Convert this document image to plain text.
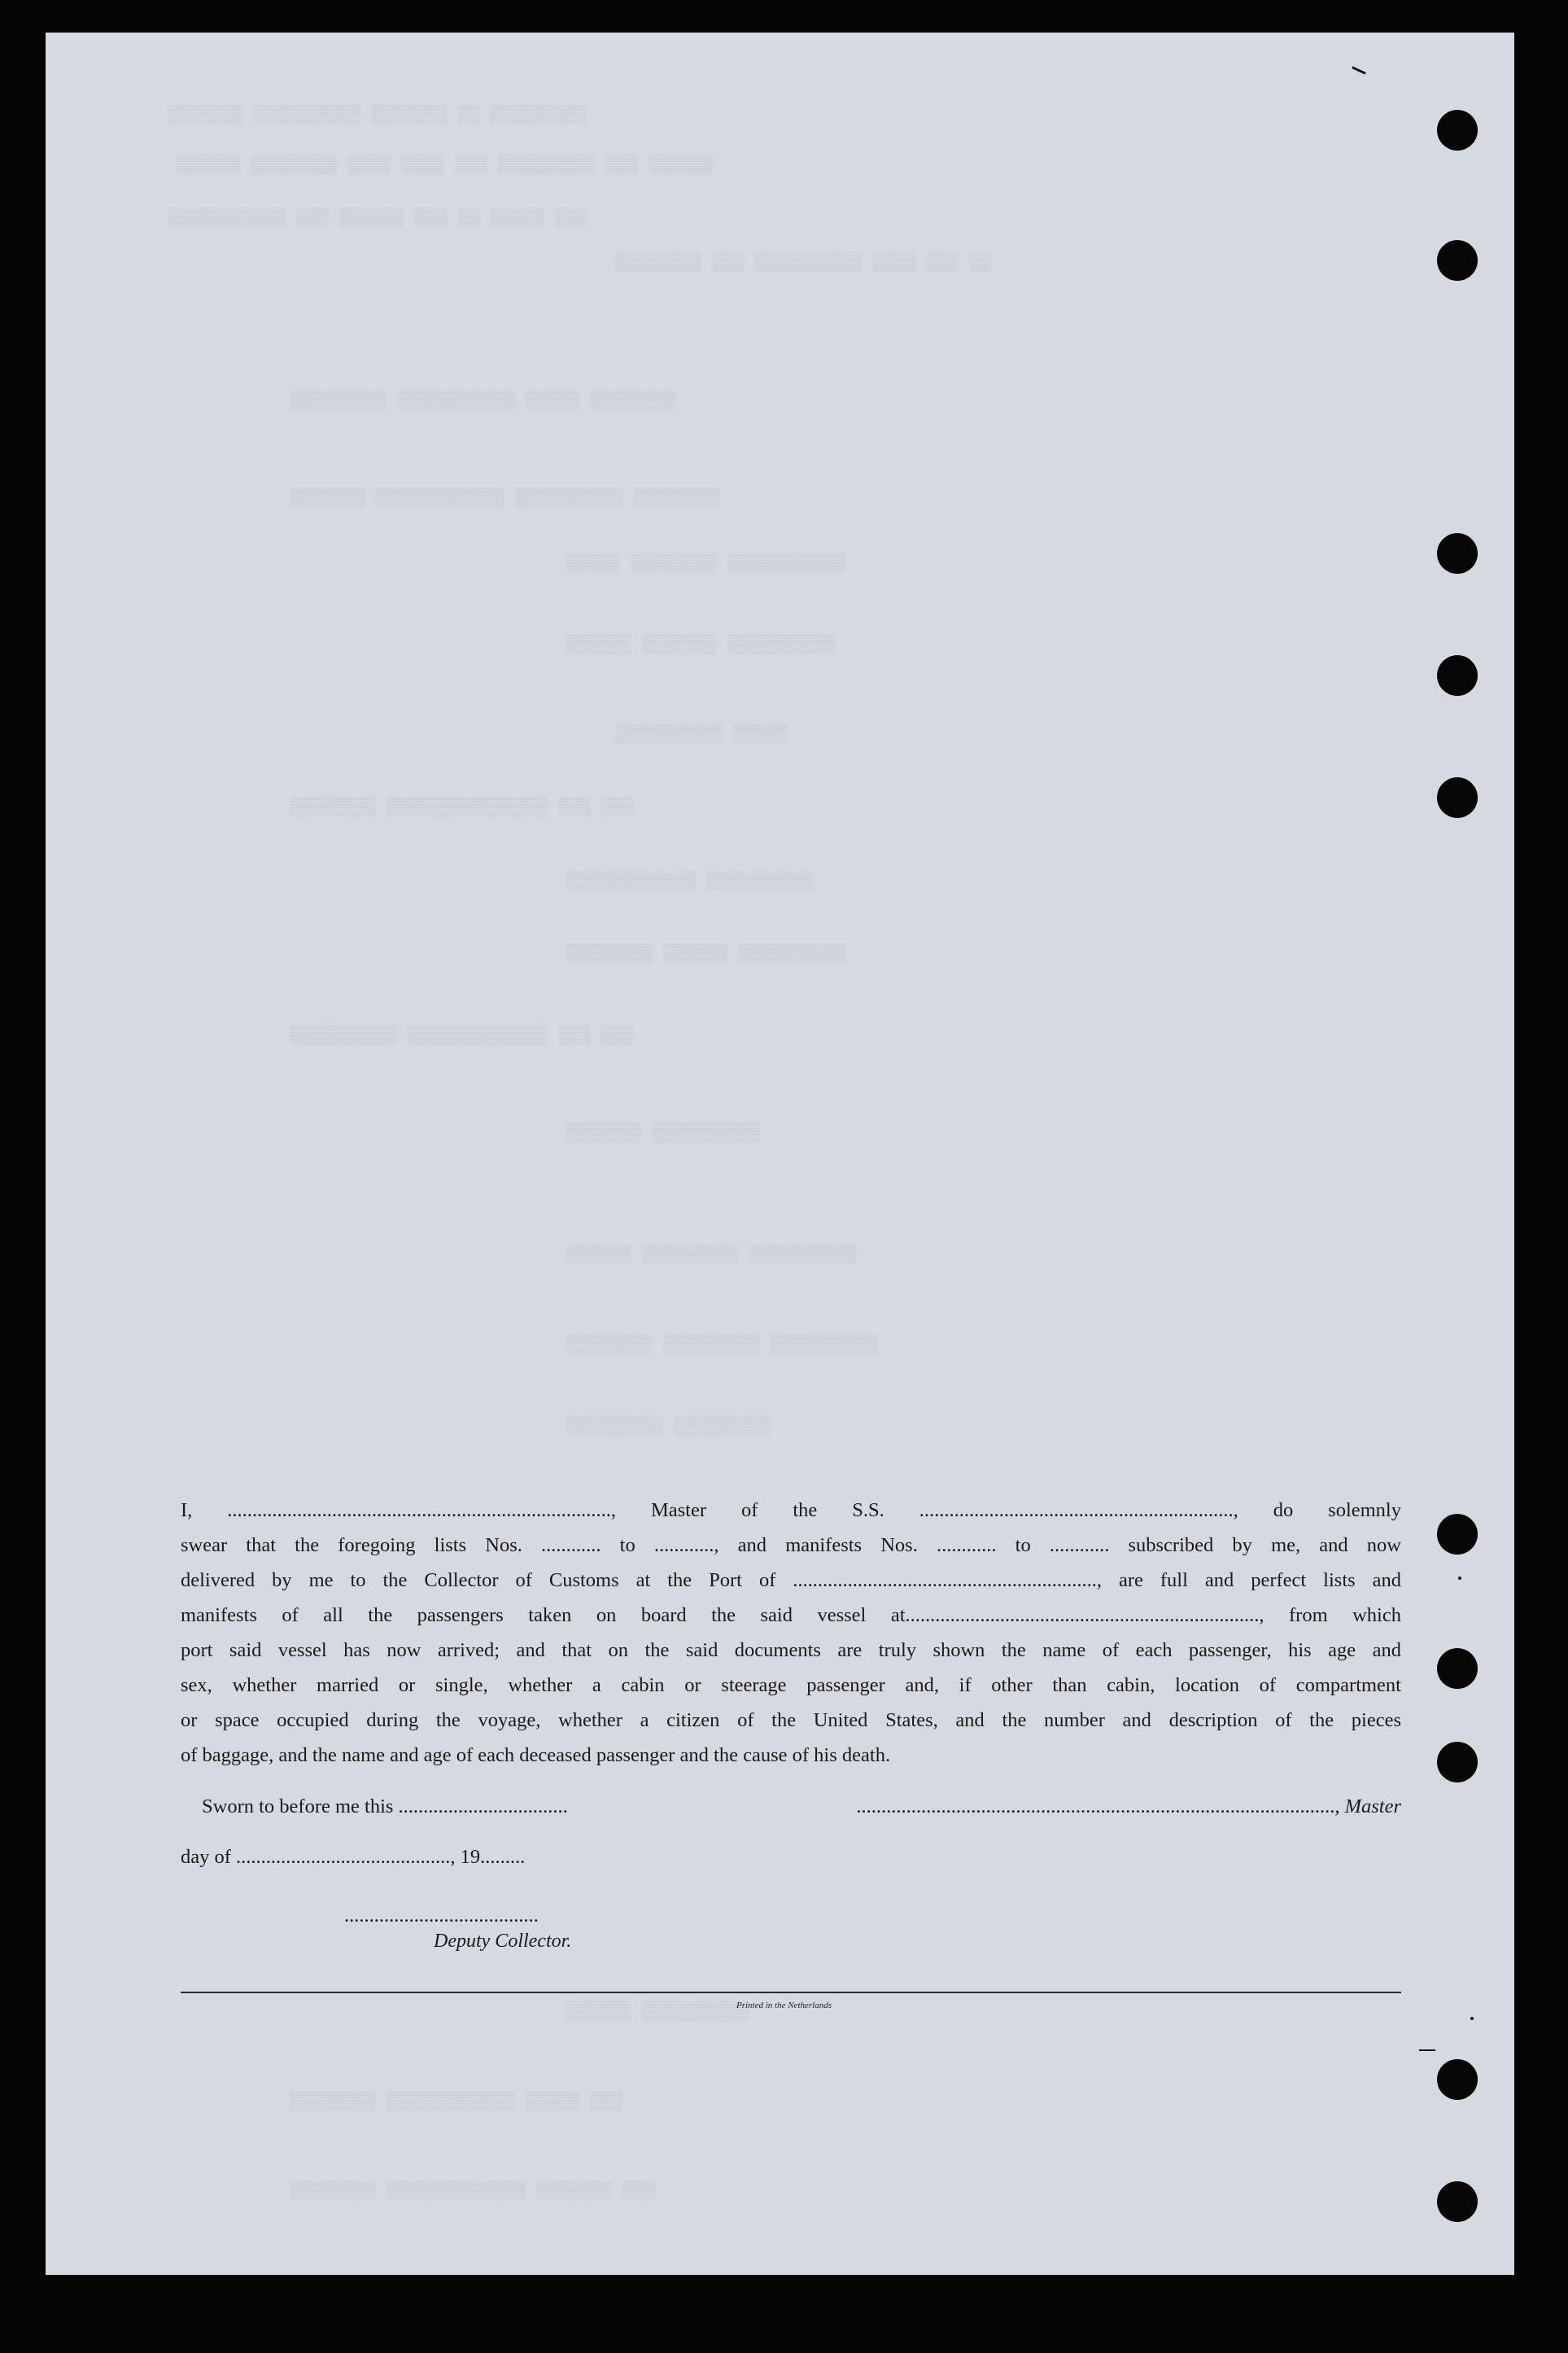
▒▒▒▒▒▒▒▒▒ ▒▒ ▒▒▒▒▒▒▒ ▒▒▒▒▒▒▒▒▒▒ ▒▒▒▒▒▒▒
▒▒▒▒▒▒ ▒▒▒ ▒▒▒▒▒▒▒▒▒ ▒▒▒ ▒▒▒▒ ▒▒▒▒ ▒▒▒▒▒▒▒▒ ▒▒▒▒▒▒
▒▒▒ ▒▒▒▒▒ ▒▒ ▒▒▒ ▒▒▒▒▒▒ ▒▒▒ ▒▒▒▒▒▒▒▒▒▒▒
▒▒ ▒▒▒ ▒▒▒▒ ▒▒▒▒▒▒▒▒▒▒ ▒▒▒ ▒▒▒▒▒▒▒▒
▒▒▒▒▒▒▒▒ ▒▒▒▒▒ ▒▒▒▒▒▒▒▒▒▒▒ ▒▒▒▒▒▒▒▒▒
▒▒▒▒▒▒▒▒ ▒▒▒▒▒▒▒▒▒▒ ▒▒▒▒▒▒▒▒▒▒▒▒ ▒▒▒▒▒▒▒
▒▒▒▒▒▒▒▒▒▒▒ ▒▒▒▒▒▒▒▒ ▒▒▒▒▒
▒▒▒▒▒▒▒▒▒▒ ▒▒▒▒▒▒▒ ▒▒▒▒▒▒
▒▒▒▒▒ ▒▒▒▒▒▒▒▒▒▒
▒▒▒ ▒▒▒ ▒▒▒▒▒▒▒▒▒▒▒▒▒▒▒ ▒▒▒▒▒▒▒▒
▒▒▒▒▒▒▒▒▒▒ ▒▒▒▒▒▒▒▒▒▒▒▒
▒▒▒▒▒▒▒▒▒▒ ▒▒▒▒▒▒ ▒▒▒▒▒▒▒▒
▒▒▒ ▒▒▒ ▒▒▒▒▒▒▒▒▒▒▒▒▒ ▒▒▒▒▒▒▒▒▒▒
▒▒▒▒▒▒▒▒▒▒ ▒▒▒▒▒▒▒
▒▒▒▒▒▒▒▒▒▒ ▒▒▒▒▒▒▒▒▒ ▒▒▒▒▒▒
▒▒▒▒▒▒▒▒▒▒ ▒▒▒▒▒▒▒▒▒ ▒▒▒▒▒▒▒▒
▒▒▒▒▒▒▒▒▒ ▒▒▒▒▒▒▒▒▒
▒▒▒▒▒▒▒▒▒▒ ▒▒▒▒▒▒
▒▒▒ ▒▒▒▒▒ ▒▒▒▒▒▒▒▒▒▒▒▒ ▒▒▒▒▒▒▒▒
▒▒▒ ▒▒▒▒▒▒▒ ▒▒▒▒▒▒▒▒▒▒▒▒▒ ▒▒▒▒▒▒▒▒

I, ............................................................................., Master of the S.S. ..............................................................., do solemnly

swear that the foregoing lists Nos. ............ to ............, and manifests Nos. ............ to ............ subscribed by me, and now

delivered by me to the Collector of Customs at the Port of ............................................................., are full and perfect lists and

manifests of all the passengers taken on board the said vessel at......................................................................., from which

port said vessel has now arrived; and that on the said documents are truly shown the name of each passenger, his age and

sex, whether married or single, whether a cabin or steerage passenger and, if other than cabin, location of compartment

or space occupied during the voyage, whether a citizen of the United States, and the number and description of the pieces

of baggage, and the name and age of each deceased passenger and the cause of his death.

Sworn to before me this ..................................	................................................................................................, Master
day of ..........................................., 19.........
.......................................
Deputy Collector.
Printed in the Netherlands
